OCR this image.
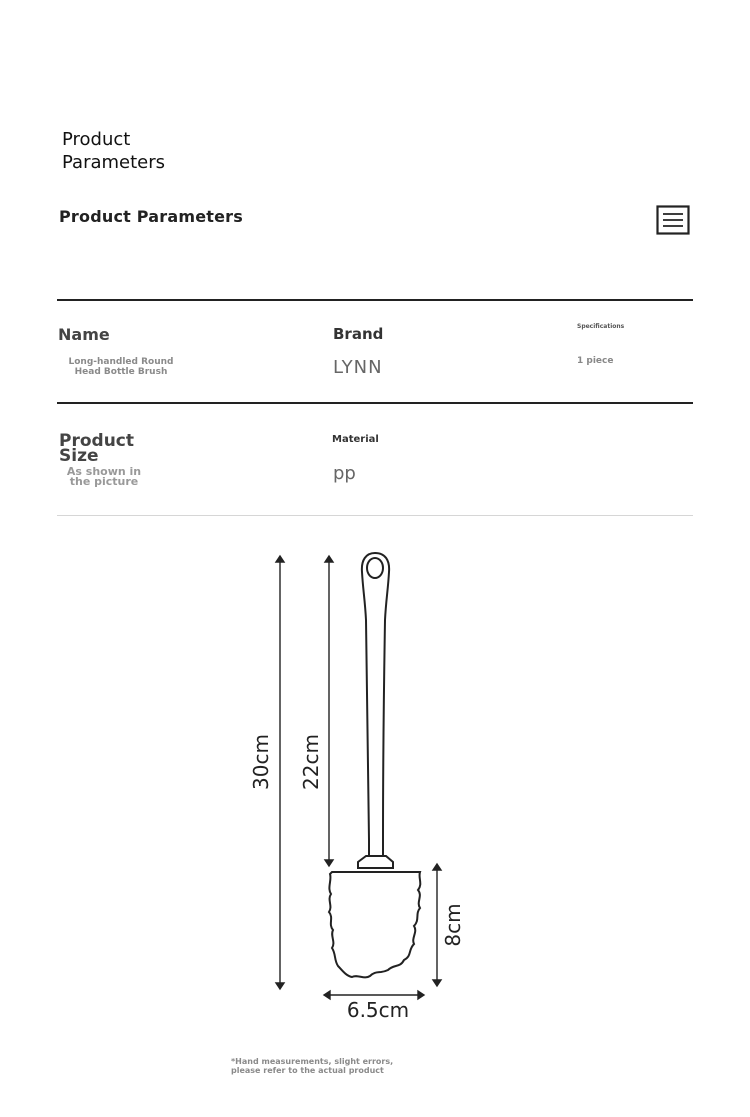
Product Parameters
Product Parameters
Name
Long-handled Round Head Bottle Brush
Brand
LYNN
Specifications
1 piece
Product Size
As shown in the picture
Material
pp
30cm 22cm
8cm
6.5cm
*Hand measurements, slight errors, please refer to the actual product
